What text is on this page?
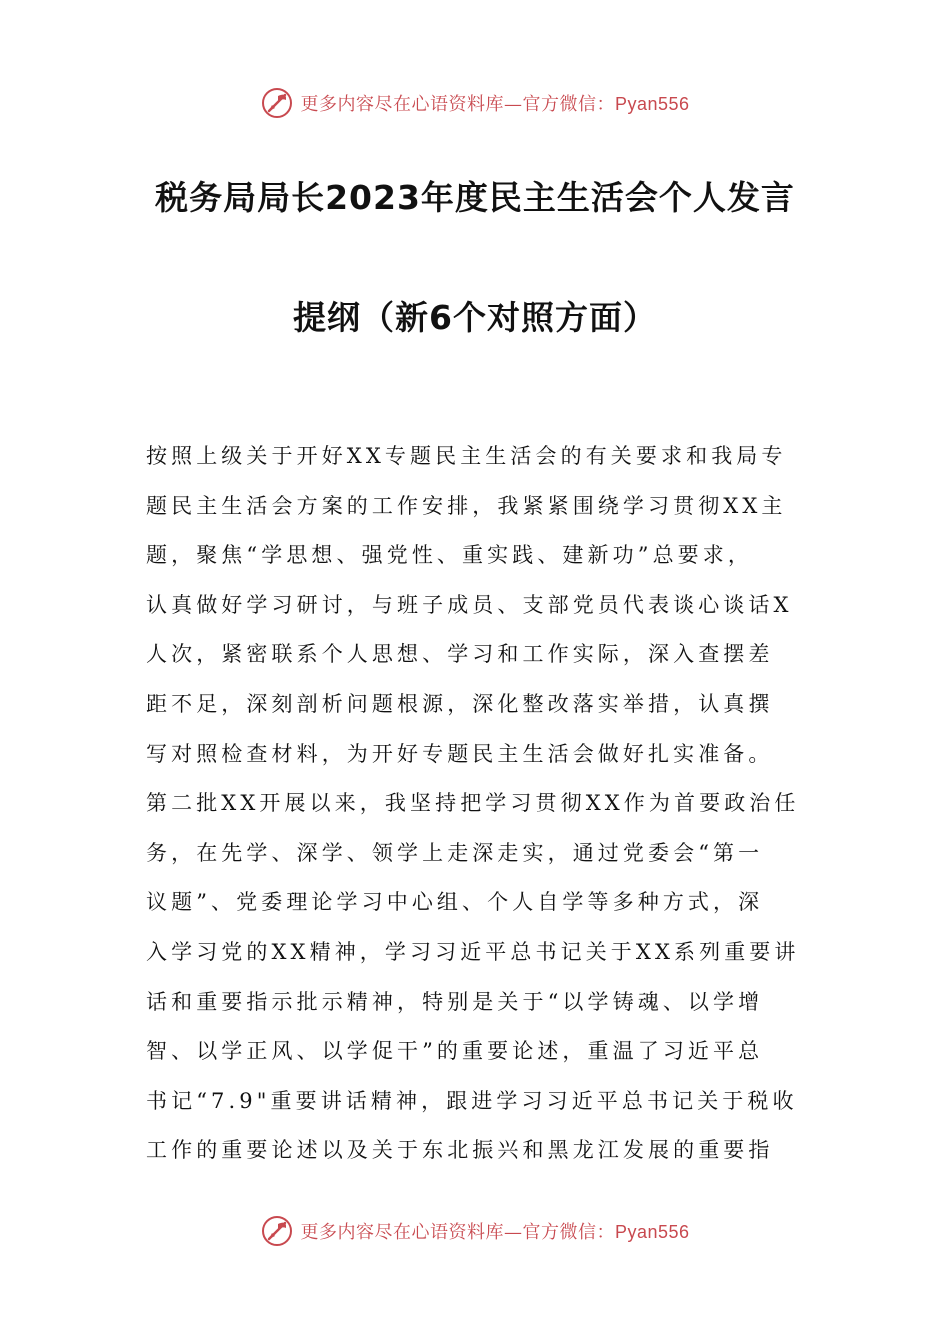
更多内容尽在心语资料库—官方微信：Pyan556
税务局局长2023年度民主生活会个人发言
提纲（新6个对照方面）
按照上级关于开好XX专题民主生活会的有关要求和我局专
题民主生活会方案的工作安排，我紧紧围绕学习贯彻XX主
题，聚焦“学思想、强党性、重实践、建新功”总要求，
认真做好学习研讨，与班子成员、支部党员代表谈心谈话X
人次，紧密联系个人思想、学习和工作实际，深入查摆差
距不足，深刻剖析问题根源，深化整改落实举措，认真撰
写对照检查材料，为开好专题民主生活会做好扎实准备。
第二批XX开展以来，我坚持把学习贯彻XX作为首要政治任
务，在先学、深学、领学上走深走实，通过党委会“第一
议题”、党委理论学习中心组、个人自学等多种方式，深
入学习党的XX精神，学习习近平总书记关于XX系列重要讲
话和重要指示批示精神，特别是关于“以学铸魂、以学增
智、以学正风、以学促干”的重要论述，重温了习近平总
书记“7.9"重要讲话精神，跟进学习习近平总书记关于税收
工作的重要论述以及关于东北振兴和黑龙江发展的重要指
更多内容尽在心语资料库—官方微信：Pyan556
